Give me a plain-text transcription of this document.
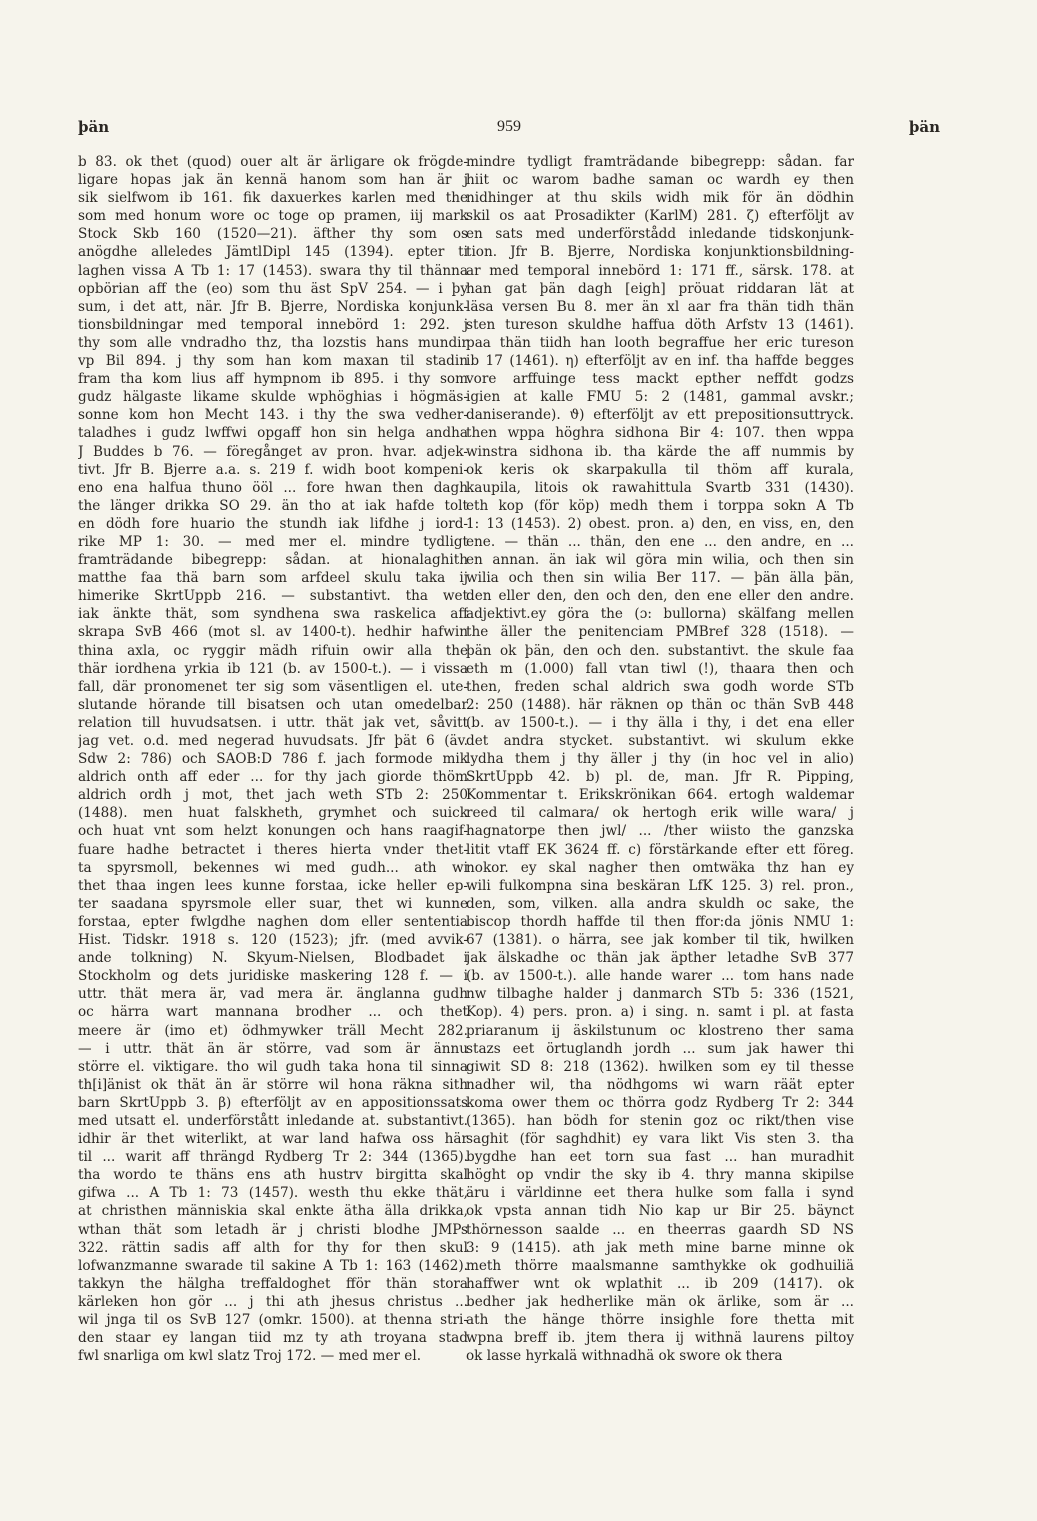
þän	959	þän
b 83. ok thet (quod) ouer alt är ärligare ok frögde-
ligare hopas jak än kennä hanom som han är j
sik sielfwom ib 161. fik daxuerkes karlen med the
som med honum wore oc toge op pramen, iij mark
Stock Skb 160 (1520—21). äfther thy som os
anögdhe alleledes JämtlDipl 145 (1394). epter ti
laghen vissa A Tb 1: 17 (1453). swara thy til thänna
opbörian aff the (eo) som thu äst SpV 254. — i þy
sum, i det att, när. Jfr B. Bjerre, Nordiska konjunk-
tionsbildningar med temporal innebörd 1: 292. j
thy som alle vndradho thz, tha lozstis hans mundir
vp Bil 894. j thy som han kom maxan til stadin
fram tha kom lius aff hympnom ib 895. i thy som
gudz hälgaste likame skulde wphöghias i högmäs-
sonne kom hon Mecht 143. i thy the swa vedher-
taladhes i gudz lwffwi opgaff hon sin helga andha
J Buddes b 76. — föregånget av pron. hvar. adjek-
tivt. Jfr B. Bjerre a.a. s. 219 f. widh boot kompeni-
eno ena halfua thuno ööl ... fore hwan then dagh
the länger drikka SO 29. än tho at iak hafde tolt
en dödh fore huario the stundh iak lifdhe j iord-
rike MP 1: 30. — med mer el. mindre tydligt
framträdande bibegrepp: sådan. at hionalaghith
matthe faa thä barn som arfdeel skulu taka ij
himerike SkrtUppb 216. — substantivt. tha wet
iak änkte thät, som syndhena swa raskelica aff
skrapa SvB 466 (mot sl. av 1400-t). hedhir hafwin
thina axla, oc ryggir mädh rifuin owir alla the
thär iordhena yrkia ib 121 (b. av 1500-t.). — i vissa
fall, där pronomenet ter sig som väsentligen el. ute-
slutande hörande till bisatsen och utan omedelbar
relation till huvudsatsen. i uttr. thät jak vet, såvitt
jag vet. o.d. med negerad huvudsats. Jfr þät 6 (äv.
Sdw 2: 786) och SAOB:D 786 f. jach formode mik
aldrich onth aff eder ... for thy jach giorde thöm
aldrich ordh j mot, thet jach weth STb 2: 250
(1488). men huat falskheth, grymhet och suick
och huat vnt som helzt konungen och hans raagif-
fuare hadhe betractet i theres hierta vnder thet-
ta spyrsmoll, bekennes wi med gudh... ath wi
thet thaa ingen lees kunne forstaa, icke heller ep-
ter saadana spyrsmole eller suar, thet wi kunne
forstaa, epter fwlgdhe naghen dom eller sententia
Hist. Tidskr. 1918 s. 120 (1523); jfr. (med avvik-
ande tolkning) N. Skyum-Nielsen, Blodbadet i
Stockholm og dets juridiske maskering 128 f. — i
uttr. thät mera är, vad mera är. änglanna gudh
oc härra wart mannana brodher ... och thet
meere är (imo et) ödhmywker träll Mecht 282.
— i uttr. thät än är större, vad som är ännu
större el. viktigare. tho wil gudh taka hona til sinna
th[i]änist ok thät än är större wil hona räkna sith
barn SkrtUppb 3. β) efterföljt av en appositionssats
med utsatt el. underförstått inledande at. substantivt.
idhir är thet witerlikt, at war land hafwa oss här
til ... warit aff thrängd Rydberg Tr 2: 344 (1365).
tha wordo te thäns ens ath hustrv birgitta skal
gifwa ... A Tb 1: 73 (1457). westh thu ekke thät,
at christhen människia skal enkte ätha älla drikka,
wthan thät som letadh är j christi blodhe JMPs
322. rättin sadis aff alth for thy for then skul
lofwanzmanne swarade til sakine A Tb 1: 163 (1462).
takkyn the hälgha treffaldoghet fför thän stora
kärleken hon gör ... j thi ath jhesus christus ...
wil jnga til os SvB 127 (omkr. 1500). at thenna stri-
den staar ey langan tiid mz ty ath troyana stad
fwl snarliga om kwl slatz Troj 172. — med mer el.
mindre tydligt framträdande bibegrepp: sådan. far
hiit oc warom badhe saman oc wardh ey then
nidhinger at thu skils widh mik för än dödhin
skil os aat Prosadikter (KarlM) 281. ζ) efterföljt av
en sats med underförstådd inledande tidskonjunk-
tion. Jfr B. Bjerre, Nordiska konjunktionsbildning-
ar med temporal innebörd 1: 171 ff., särsk. 178. at
han gat þän dagh [eigh] pröuat riddaran lät at
läsa versen Bu 8. mer än xl aar fra thän tidh thän
sten tureson skuldhe haffua döth Arfstv 13 (1461).
paa thän tiidh han looth begraffue her eric tureson
ib 17 (1461). η) efterföljt av en inf. tha haffde begges
vore arffuinge tess mackt epther neffdt godzs
igien at kalle FMU 5: 2 (1481, gammal avskr.;
daniserande). ϑ) efterföljt av ett prepositionsuttryck.
then wppa höghra sidhona Bir 4: 107. then wppa
winstra sidhona ib. tha kärde the aff nummis by
ok keris ok skarpakulla til thöm aff kurala,
kaupila, litois ok rawahittula Svartb 331 (1430).
eth kop (för köp) medh them i torppa sokn A Tb
1: 13 (1453). 2) obest. pron. a) den, en viss, en, den
ene. — thän ... thän, den ene ... den andre, en ...
en annan. än iak wil göra min wilia, och then sin
wilia och then sin wilia Ber 117. — þän älla þän,
den eller den, den och den, den ene eller den andre.
adjektivt.ey göra the (ɔ: bullorna) skälfang mellen
the äller the penitenciam PMBref 328 (1518). —
þän ok þän, den och den. substantivt. the skule faa
eth m (1.000) fall vtan tiwl (!), thaara then och
then, freden schal aldrich swa godh worde STb
2: 250 (1488). här räknen op thän oc thän SvB 448
(b. av 1500-t.). — i thy älla i thy, i det ena eller
det andra stycket. substantivt. wi skulum ekke
lydha them j thy äller j thy (in hoc vel in alio)
SkrtUppb 42. b) pl. de, man. Jfr R. Pipping,
Kommentar t. Erikskrönikan 664. ertogh waldemar
reed til calmara/ ok hertogh erik wille wara/ j
hagnatorpe then jwl/ ... /ther wiisto the ganzska
litit vtaff EK 3624 ff. c) förstärkande efter ett föreg.
nokor. ey skal nagher then omtwäka thz han ey
wili fulkompna sina beskäran LfK 125. 3) rel. pron.,
den, som, vilken. alla andra skuldh oc sake, the
biscop thordh haffde til then ffor:da jönis NMU 1:
67 (1381). o härra, see jak komber til tik, hwilken
jak älskadhe oc thän jak äpther letadhe SvB 377
(b. av 1500-t.). alle hande warer ... tom hans nade
nw tilbaghe halder j danmarch STb 5: 336 (1521,
Kop). 4) pers. pron. a) i sing. n. samt i pl. at fasta
priaranum ij äskilstunum oc klostreno ther sama
stazs eet örtuglandh jordh ... sum jak hawer thi
giwit SD 8: 218 (1362). hwilken som ey til thesse
nadher wil, tha nödhgoms wi warn räät epter
koma ower them oc thörra godz Rydberg Tr 2: 344
(1365). han bödh for stenin goz oc rikt/then vise
saghit (för saghdhit) ey vara likt Vis sten 3. tha
bygdhe han eet torn sua fast ... han muradhit
höght op vndir the sky ib 4. thry manna skipilse
äru i världinne eet thera hulke som falla i synd
ok vpsta annan tidh Nio kap ur Bir 25. bäynct
thörnesson saalde ... en theerras gaardh SD NS
3: 9 (1415). ath jak meth mine barne minne ok
meth thörre maalsmanne samthykke ok godhuiliä
haffwer wnt ok wplathit ... ib 209 (1417). ok
bedher jak hedherlike män ok ärlike, som är ...
ath the hänge thörre insighle fore thetta mit
wpna breff ib. jtem thera ij withnä laurens piltoy
ok lasse hyrkalä withnadhä ok swore ok thera
